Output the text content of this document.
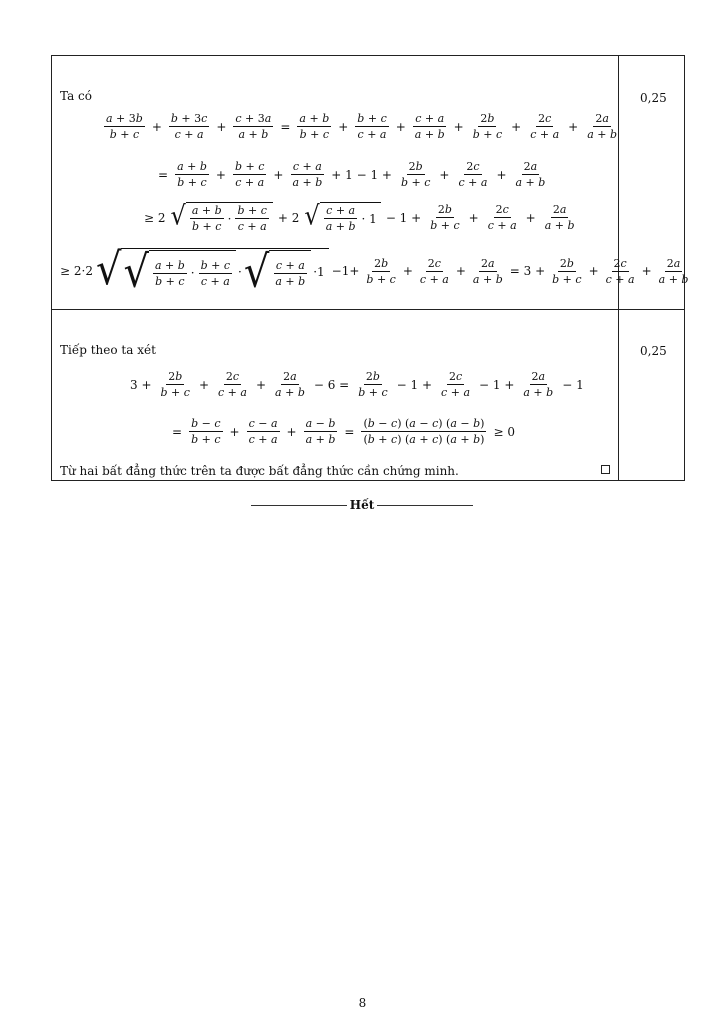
Ta có	0,25
$\frac{a + 3b}{b + c} + \frac{b + 3c}{c + a} + \frac{c + 3a}{a + b} = \frac{a + b}{b + c} + \frac{b + c}{c + a} + \frac{c + a}{a + b} + \frac{2b}{b + c} + \frac{2c}{c + a} + \frac{2a}{a + b}$
= $\frac{a + b}{b + c} + \frac{b + c}{c + a} + \frac{c + a}{a + b} + 1 - 1 + \frac{2b}{b + c} + \frac{2c}{c + a} + \frac{2a}{a + b}$
≥ 2 √ $\frac{a + b}{b + c} \cdot \frac{b + c}{c + a} + 2$ √ $\frac{c + a}{a + b} \cdot 1 - 1 + \frac{2b}{b + c} + \frac{2c}{c + a} + \frac{2a}{a + b}$
≥ 2·2 √ √ $\frac{a + b}{b + c} \cdot \frac{b + c}{c + a}$ · √ $\frac{c + a}{a + b} \cdot 1 -1+ \frac{2b}{b + c} + \frac{2c}{c + a} + \frac{2a}{a + b} = 3 + \frac{2b}{b + c} + \frac{2c}{c + a} + \frac{2a}{a + b}$
Tiếp theo ta xét	0,25
$3 + \frac{2b}{b + c} + \frac{2c}{c + a} + \frac{2a}{a + b} - 6 = \frac{2b}{b + c} - 1 + \frac{2c}{c + a} - 1 + \frac{2a}{a + b} - 1$
= $\frac{b - c}{b + c} + \frac{c - a}{c + a} + \frac{a - b}{a + b} = \frac{(b - c) (a - c) (a - b)}{(b + c) (a + c) (a + b)} \ge 0$
Từ hai bất đẳng thức trên ta được bất đẳng thức cần chứng minh.
Hết
8
